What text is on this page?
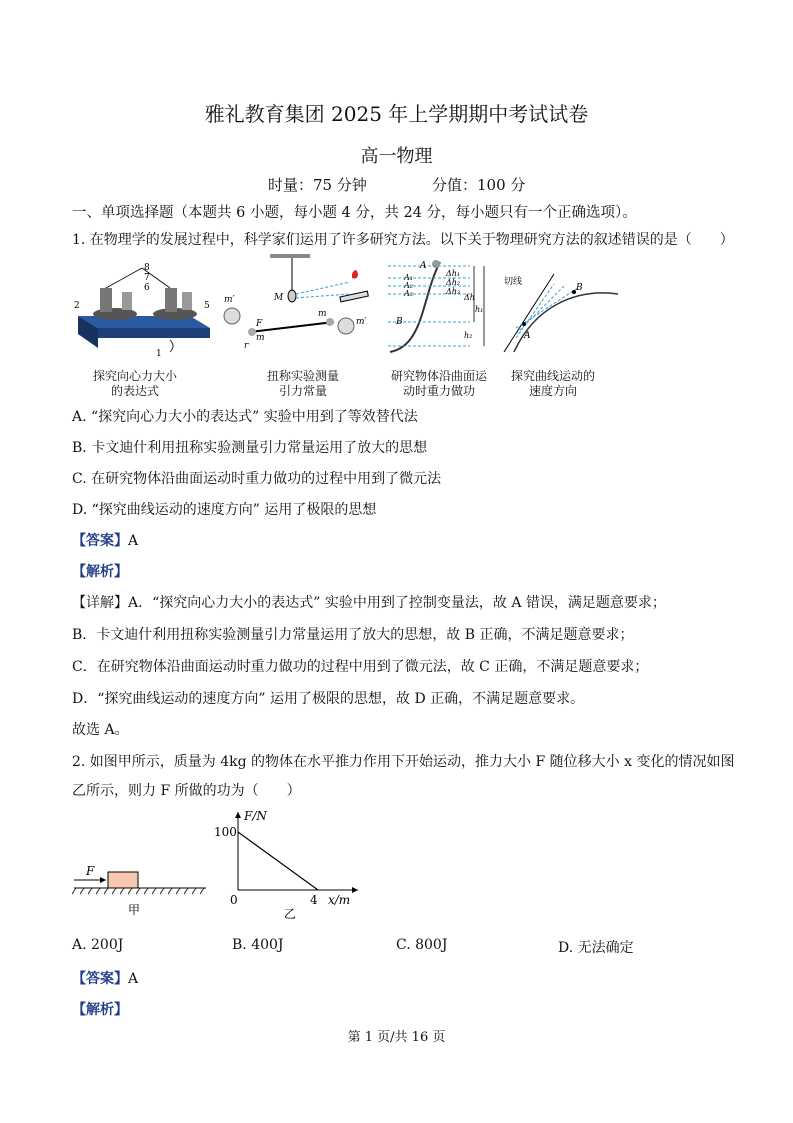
雅礼教育集团 2025 年上学期期中考试试卷
高一物理
时量：75 分钟	分值：100 分
一、单项选择题（本题共 6 小题，每小题 4 分，共 24 分，每小题只有一个正确选项）。
1. 在物理学的发展过程中，科学家们运用了许多研究方法。以下关于物理研究方法的叙述错误的是（　　）
8
7
6
2	5
1
探究向心力大小
的表达式
M
m′
m′
F
m
m
r
扭称实验测量
引力常量
A
A₁
A₂
A₃
B
Δh₁
Δh₂
Δh₃
Δh
h₁
h₂
研究物体沿曲面运
动时重力做功
切线
A
B
探究曲线运动的
速度方向
A. “探究向心力大小的表达式” 实验中用到了等效替代法
B. 卡文迪什利用扭称实验测量引力常量运用了放大的思想
C. 在研究物体沿曲面运动时重力做功的过程中用到了微元法
D. “探究曲线运动的速度方向” 运用了极限的思想
【答案】A
【解析】
【详解】A．“探究向心力大小的表达式” 实验中用到了控制变量法，故 A 错误，满足题意要求；
B．卡文迪什利用扭称实验测量引力常量运用了放大的思想，故 B 正确，不满足题意要求；
C．在研究物体沿曲面运动时重力做功的过程中用到了微元法，故 C 正确，不满足题意要求；
D．“探究曲线运动的速度方向” 运用了极限的思想，故 D 正确，不满足题意要求。
故选 A。
2. 如图甲所示，质量为 4kg 的物体在水平推力作用下开始运动，推力大小 F 随位移大小 x 变化的情况如图
乙所示，则力 F 所做的功为（　　）
F
甲
F/N
x/m
100
4
0
乙
A. 200J	B. 400J	C. 800J	D. 无法确定
【答案】A
【解析】
第 1 页/共 16 页
